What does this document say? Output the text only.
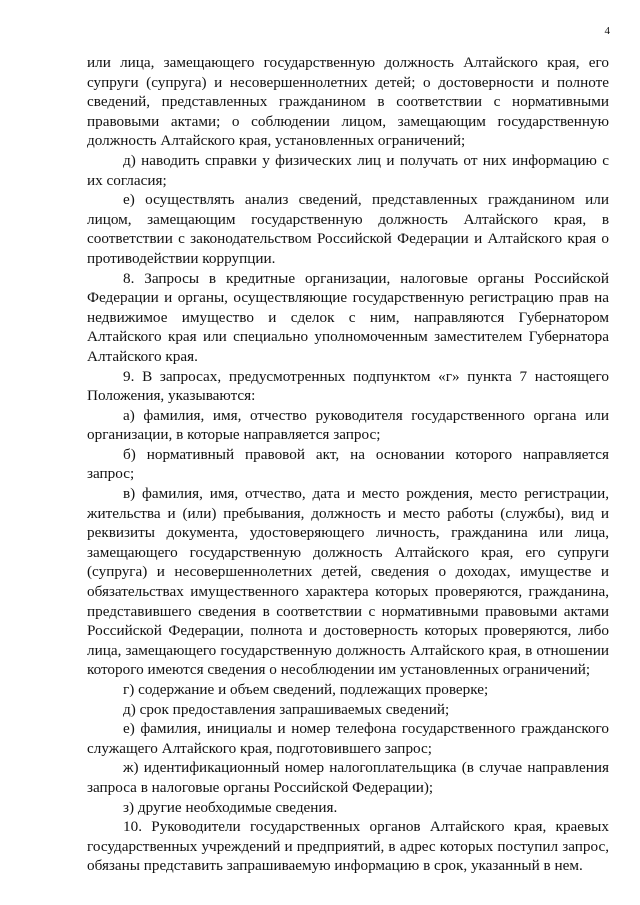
4

или лица, замещающего государственную должность Алтайского края, его супруги (супруга) и несовершеннолетних детей; о достоверности и полноте сведений, представленных гражданином в соответствии с нормативными правовыми актами; о соблюдении лицом, замещающим государственную должность Алтайского края, установленных ограничений;

д) наводить справки у физических лиц и получать от них информацию с их согласия;

е) осуществлять анализ сведений, представленных гражданином или лицом, замещающим государственную должность Алтайского края, в соответствии с законодательством Российской Федерации и Алтайского края о противодействии коррупции.

8. Запросы в кредитные организации, налоговые органы Российской Федерации и органы, осуществляющие государственную регистрацию прав на недвижимое имущество и сделок с ним, направляются Губернатором Алтайского края или специально уполномоченным заместителем Губернатора Алтайского края.

9. В запросах, предусмотренных подпунктом «г» пункта 7 настоящего Положения, указываются:

а) фамилия, имя, отчество руководителя государственного органа или организации, в которые направляется запрос;

б) нормативный правовой акт, на основании которого направляется запрос;

в) фамилия, имя, отчество, дата и место рождения, место регистрации, жительства и (или) пребывания, должность и место работы (службы), вид и реквизиты документа, удостоверяющего личность, гражданина или лица, замещающего государственную должность Алтайского края, его супруги (супруга) и несовершеннолетних детей, сведения о доходах, имуществе и обязательствах имущественного характера которых проверяются, гражданина, представившего сведения в соответствии с нормативными правовыми актами Российской Федерации, полнота и достоверность которых проверяются, либо лица, замещающего государственную должность Алтайского края, в отношении которого имеются сведения о несоблюдении им установленных ограничений;

г) содержание и объем сведений, подлежащих проверке;

д) срок предоставления запрашиваемых сведений;

е) фамилия, инициалы и номер телефона государственного гражданского служащего Алтайского края, подготовившего запрос;

ж) идентификационный номер налогоплательщика (в случае направления запроса в налоговые органы Российской Федерации);

з) другие необходимые сведения.

10. Руководители государственных органов Алтайского края, краевых государственных учреждений и предприятий, в адрес которых поступил запрос, обязаны представить запрашиваемую информацию в срок, указанный в нем.
